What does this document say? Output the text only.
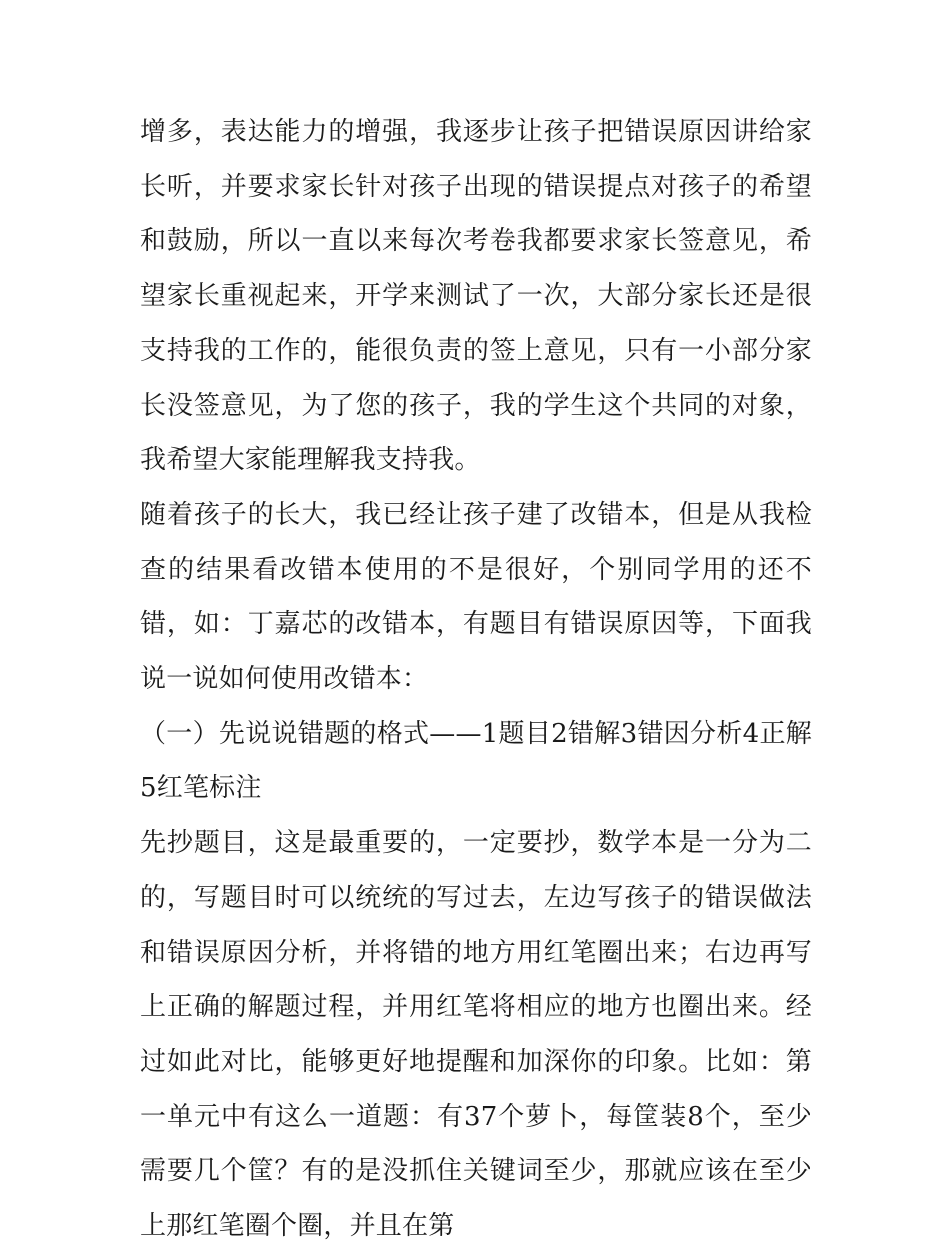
增多，表达能力的增强，我逐步让孩子把错误原因讲给家长听，并要求家长针对孩子出现的错误提点对孩子的希望和鼓励，所以一直以来每次考卷我都要求家长签意见，希望家长重视起来，开学来测试了一次，大部分家长还是很支持我的工作的，能很负责的签上意见，只有一小部分家长没签意见，为了您的孩子，我的学生这个共同的对象，我希望大家能理解我支持我。

随着孩子的长大，我已经让孩子建了改错本，但是从我检查的结果看改错本使用的不是很好，个别同学用的还不错，如：丁嘉芯的改错本，有题目有错误原因等，下面我说一说如何使用改错本：

（一）先说说错题的格式——1题目2错解3错因分析4正解5红笔标注

先抄题目，这是最重要的，一定要抄，数学本是一分为二的，写题目时可以统统的写过去，左边写孩子的错误做法和错误原因分析，并将错的地方用红笔圈出来；右边再写上正确的解题过程，并用红笔将相应的地方也圈出来。经过如此对比，能够更好地提醒和加深你的印象。比如：第一单元中有这么一道题：有37个萝卜，每筐装8个，至少需要几个筐？有的是没抓住关键词至少，那就应该在至少上那红笔圈个圈，并且在第
